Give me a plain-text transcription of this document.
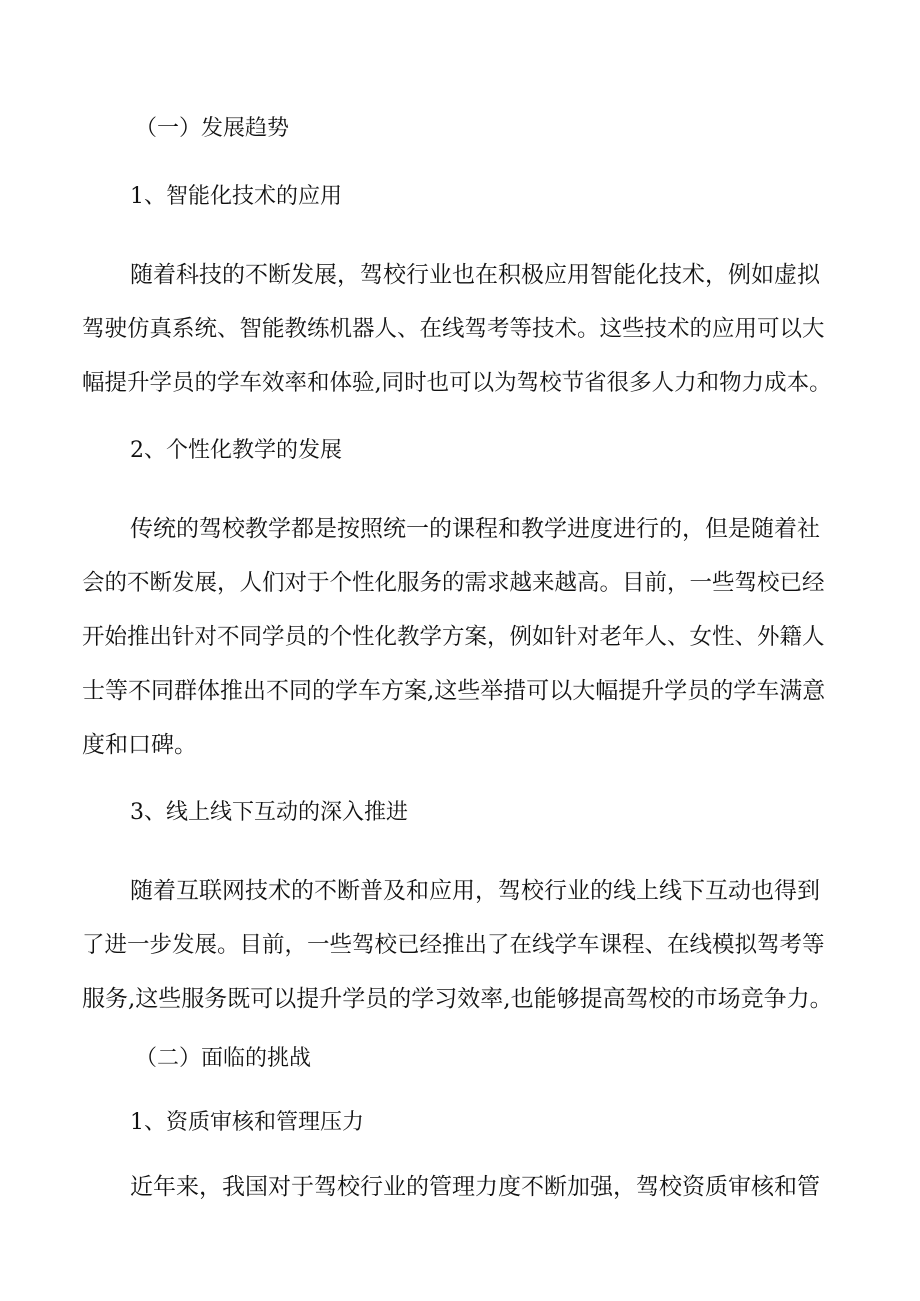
（一）发展趋势
1、智能化技术的应用
随着科技的不断发展，驾校行业也在积极应用智能化技术，例如虚拟
驾驶仿真系统、智能教练机器人、在线驾考等技术。这些技术的应用可以大
幅提升学员的学车效率和体验,同时也可以为驾校节省很多人力和物力成本。
2、个性化教学的发展
传统的驾校教学都是按照统一的课程和教学进度进行的，但是随着社
会的不断发展，人们对于个性化服务的需求越来越高。目前，一些驾校已经
开始推出针对不同学员的个性化教学方案，例如针对老年人、女性、外籍人
士等不同群体推出不同的学车方案,这些举措可以大幅提升学员的学车满意
度和口碑。
3、线上线下互动的深入推进
随着互联网技术的不断普及和应用，驾校行业的线上线下互动也得到
了进一步发展。目前，一些驾校已经推出了在线学车课程、在线模拟驾考等
服务,这些服务既可以提升学员的学习效率,也能够提高驾校的市场竞争力。
（二）面临的挑战
1、资质审核和管理压力
近年来，我国对于驾校行业的管理力度不断加强，驾校资质审核和管
